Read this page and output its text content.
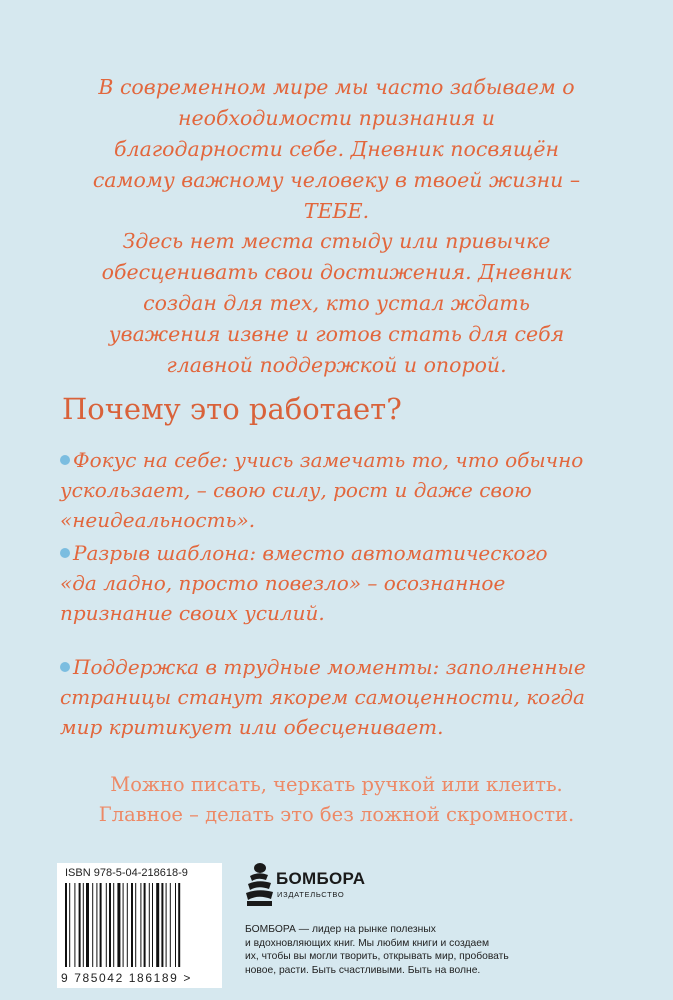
В современном мире мы часто забываем о
необходимости признания и
благодарности себе. Дневник посвящён
самому важному человеку в твоей жизни –
ТЕБЕ.
Здесь нет места стыду или привычке
обесценивать свои достижения. Дневник
создан для тех, кто устал ждать
уважения извне и готов стать для себя
главной поддержкой и опорой.
Почему это работает?
Фокус на себе: учись замечать то, что обычно
ускользает, – свою силу, рост и даже свою
«неидеальность».
Разрыв шаблона: вместо автоматического
«да ладно, просто повезло» – осознанное
признание своих усилий.
Поддержка в трудные моменты: заполненные
страницы станут якорем самоценности, когда
мир критикует или обесценивает.
Можно писать, черкать ручкой или клеить.
Главное – делать это без ложной скромности.
ISBN 978-5-04-218618-9
9 785042 186189 >
БОМБОРА
ИЗДАТЕЛЬСТВО
БОМБОРА — лидер на рынке полезных
и вдохновляющих книг. Мы любим книги и создаем
их, чтобы вы могли творить, открывать мир, пробовать
новое, расти. Быть счастливыми. Быть на волне.
